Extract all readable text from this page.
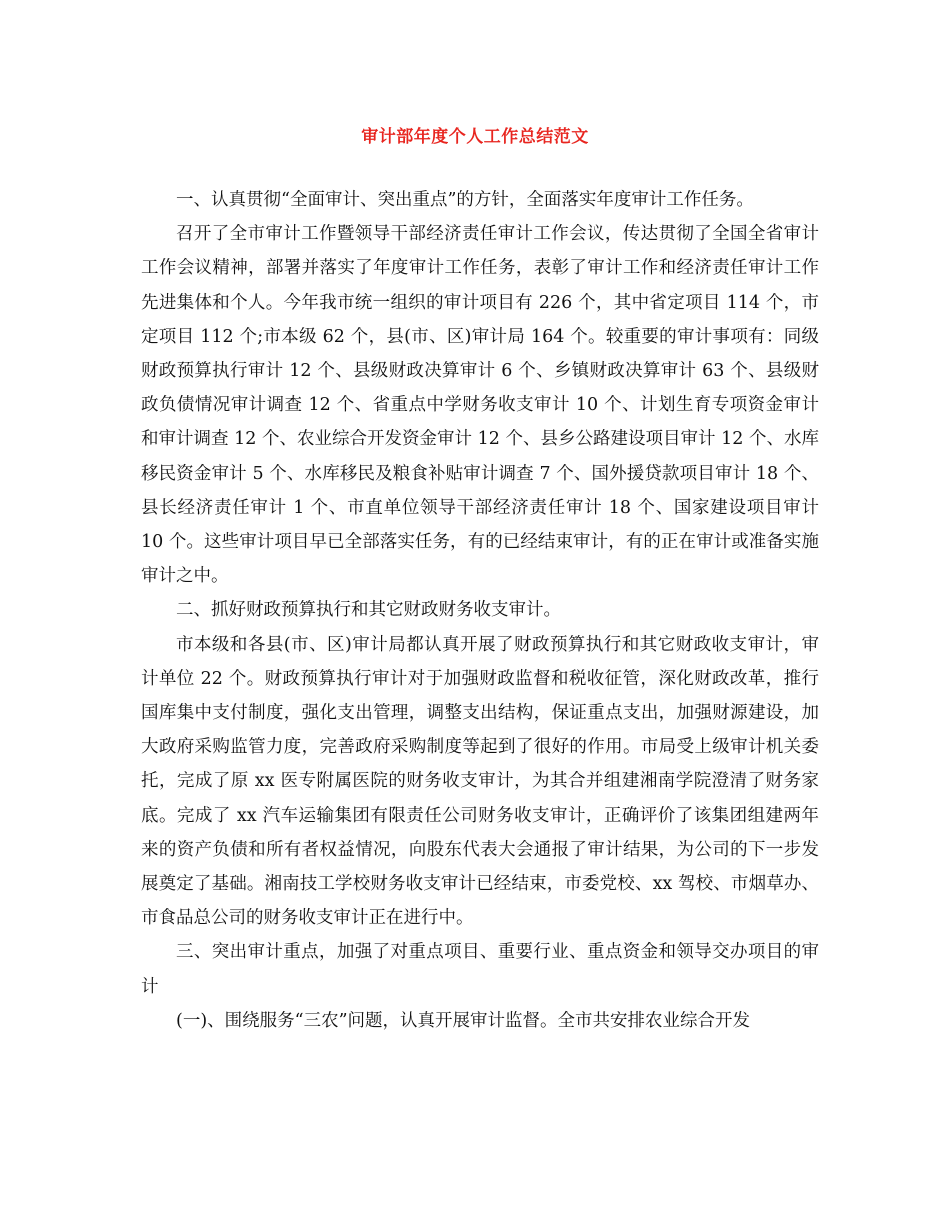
审计部年度个人工作总结范文

一、认真贯彻“全面审计、突出重点”的方针，全面落实年度审计工作任务。

召开了全市审计工作暨领导干部经济责任审计工作会议，传达贯彻了全国全省审计工作会议精神，部署并落实了年度审计工作任务，表彰了审计工作和经济责任审计工作先进集体和个人。今年我市统一组织的审计项目有 226 个，其中省定项目 114 个，市定项目 112 个;市本级 62 个，县(市、区)审计局 164 个。较重要的审计事项有：同级财政预算执行审计 12 个、县级财政决算审计 6 个、乡镇财政决算审计 63 个、县级财政负债情况审计调查 12 个、省重点中学财务收支审计 10 个、计划生育专项资金审计和审计调查 12 个、农业综合开发资金审计 12 个、县乡公路建设项目审计 12 个、水库移民资金审计 5 个、水库移民及粮食补贴审计调查 7 个、国外援贷款项目审计 18 个、县长经济责任审计 1 个、市直单位领导干部经济责任审计 18 个、国家建设项目审计 10 个。这些审计项目早已全部落实任务，有的已经结束审计，有的正在审计或准备实施审计之中。

二、抓好财政预算执行和其它财政财务收支审计。

市本级和各县(市、区)审计局都认真开展了财政预算执行和其它财政收支审计，审计单位 22 个。财政预算执行审计对于加强财政监督和税收征管，深化财政改革，推行国库集中支付制度，强化支出管理，调整支出结构，保证重点支出，加强财源建设，加大政府采购监管力度，完善政府采购制度等起到了很好的作用。市局受上级审计机关委托，完成了原 xx 医专附属医院的财务收支审计，为其合并组建湘南学院澄清了财务家底。完成了 xx 汽车运输集团有限责任公司财务收支审计，正确评价了该集团组建两年来的资产负债和所有者权益情况，向股东代表大会通报了审计结果，为公司的下一步发展奠定了基础。湘南技工学校财务收支审计已经结束，市委党校、xx 驾校、市烟草办、市食品总公司的财务收支审计正在进行中。

三、突出审计重点，加强了对重点项目、重要行业、重点资金和领导交办项目的审计

(一)、围绕服务“三农”问题，认真开展审计监督。全市共安排农业综合开发
